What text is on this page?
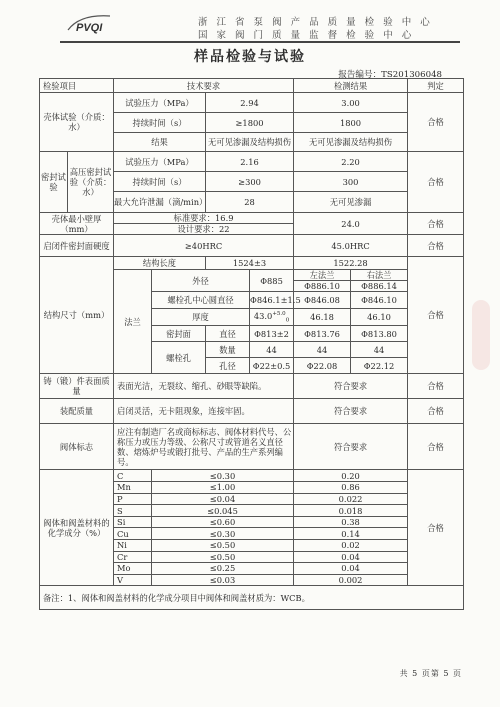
PVQI	浙 江 省 泵 阀 产 品 质 量 检 验 中 心
国 家 阀 门 质 量 监 督 检 验 中 心
样品检验与试验
报告编号：TS201306048
检验项目		技术要求				检测结果		判定
壳体试验（介质：水）		试验压力（MPa）		2.94		3.00		合格
		持续时间（s）		≥1800		1800		
		结果		无可见渗漏及结构损伤		无可见渗漏及结构损伤		
密封试验	高压密封试验（介质：水）	试验压力（MPa）		2.16		2.20		合格
		持续时间（s）		≥300		300		
		最大允许泄漏（滴/min）		28		无可见渗漏		
壳体最小壁厚（mm）		标准要求：16.9				24.0		合格
		设计要求：22						
启闭件密封面硬度		≥40HRC				45.0HRC		合格
结构尺寸（mm）		结构长度		1524±3		1522.28		合格
		法兰	外径		Φ885	左法兰	右法兰	
						Φ886.10	Φ886.14	
			螺栓孔中心圆直径		Φ846.1±1.5	Φ846.08	Φ846.10	
			厚度		$43.0^{+5.0}_0$	46.18	46.10	
			密封面	直径	Φ813±2	Φ813.76	Φ813.80	
			螺栓孔	数量	44	44	44	
				孔径	Φ22±0.5	Φ22.08	Φ22.12	

铸（锻）件表面质量		表面光洁，无裂纹、缩孔、砂眼等缺陷。				符合要求		合格
装配质量		启闭灵活，无卡阻现象，连接牢固。				符合要求		合格
阀体标志		应注有制造厂名或商标标志、阀体材料代号、公称压力或压力等级、公称尺寸或管道名义直径数、熔炼炉号或锻打批号、产品的生产系列编号。				符合要求		合格
阀体和阀盖材料的化学成分（%）		C	≤0.30			0.20		合格
		Mn	≤1.00			0.86		
		P	≤0.04			0.022		
		S	≤0.045			0.018		
		Si	≤0.60			0.38		
		Cu	≤0.30			0.14		
		Ni	≤0.50			0.02		
		Cr	≤0.50			0.04		
		Mo	≤0.25			0.04		
		V	≤0.03			0.002		
备注：1、阀体和阀盖材料的化学成分项目中阀体和阀盖材质为：WCB。								
共 5 页第 5 页
